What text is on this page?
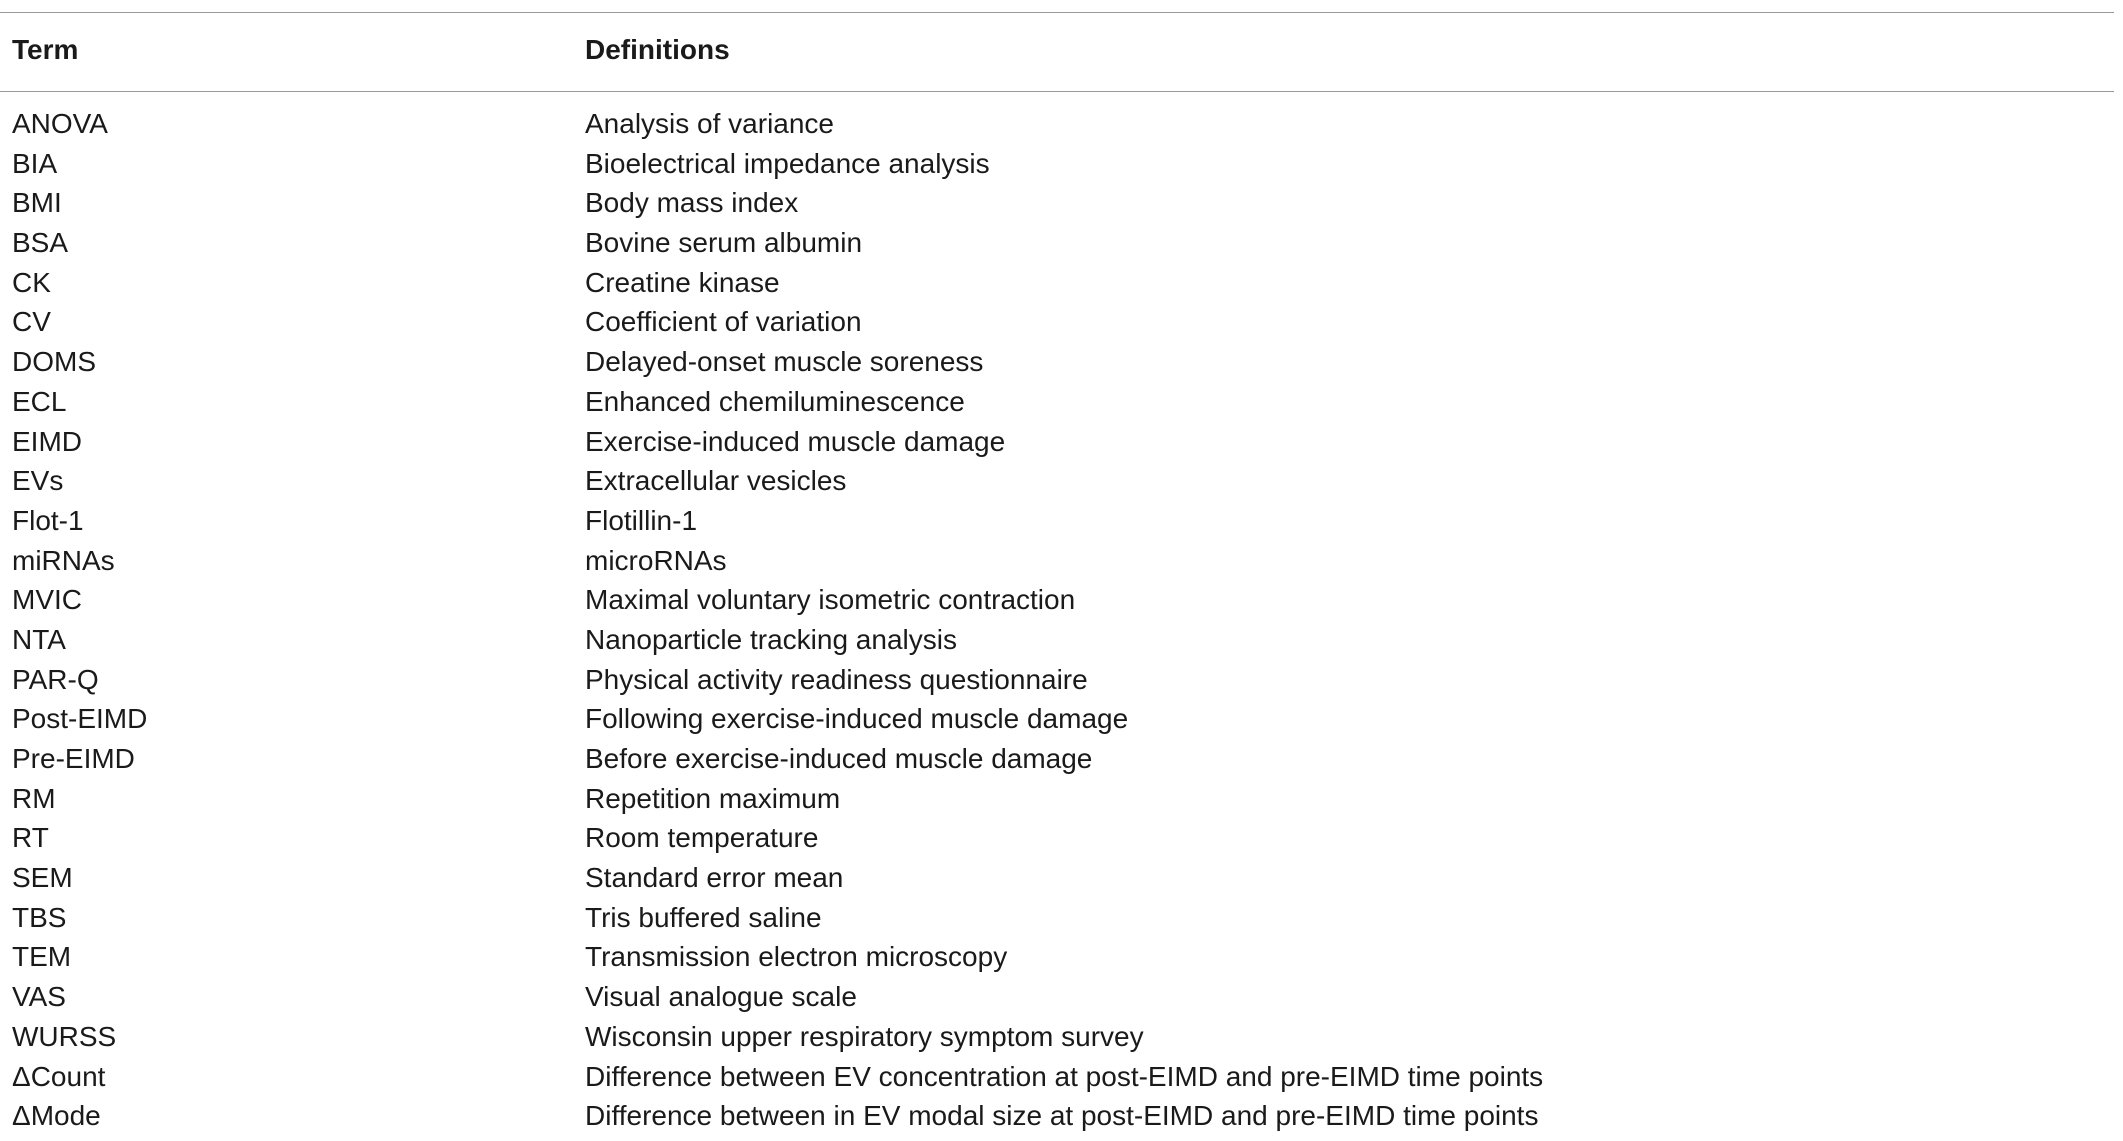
Term	Definitions
ANOVA	Analysis of variance
BIA	Bioelectrical impedance analysis
BMI	Body mass index
BSA	Bovine serum albumin
CK	Creatine kinase
CV	Coefficient of variation
DOMS	Delayed-onset muscle soreness
ECL	Enhanced chemiluminescence
EIMD	Exercise-induced muscle damage
EVs	Extracellular vesicles
Flot-1	Flotillin-1
miRNAs	microRNAs
MVIC	Maximal voluntary isometric contraction
NTA	Nanoparticle tracking analysis
PAR-Q	Physical activity readiness questionnaire
Post-EIMD	Following exercise-induced muscle damage
Pre-EIMD	Before exercise-induced muscle damage
RM	Repetition maximum
RT	Room temperature
SEM	Standard error mean
TBS	Tris buffered saline
TEM	Transmission electron microscopy
VAS	Visual analogue scale
WURSS	Wisconsin upper respiratory symptom survey
ΔCount	Difference between EV concentration at post-EIMD and pre-EIMD time points
ΔMode	Difference between in EV modal size at post-EIMD and pre-EIMD time points
